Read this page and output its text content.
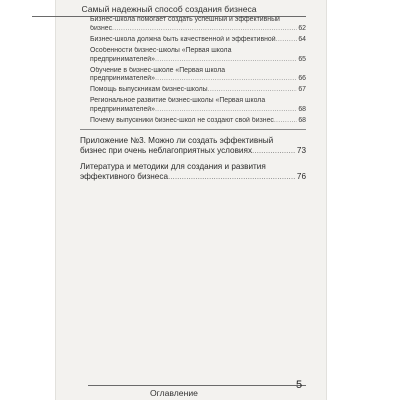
Самый надежный способ создания бизнеса
Бизнес-школа помогает создать успешный и эффективный
бизнес .....	62
Бизнес-школа должна быть качественной и эффективной .....	64
Особенности бизнес-школы «Первая школа
предпринимателей» .....	65
Обучение в бизнес-школе «Первая школа
предпринимателей» .....	66
Помощь выпускникам бизнес-школы .....	67
Региональное развитие бизнес-школы «Первая школа
предпринимателей» .....	68
Почему выпускники бизнес-школ не создают свой бизнес .....	68
Приложение №3. Можно ли создать эффективный
бизнес при очень неблагоприятных условиях .....	73
Литература и методики для создания и развития
эффективного бизнеса .....	76
Оглавление
5
